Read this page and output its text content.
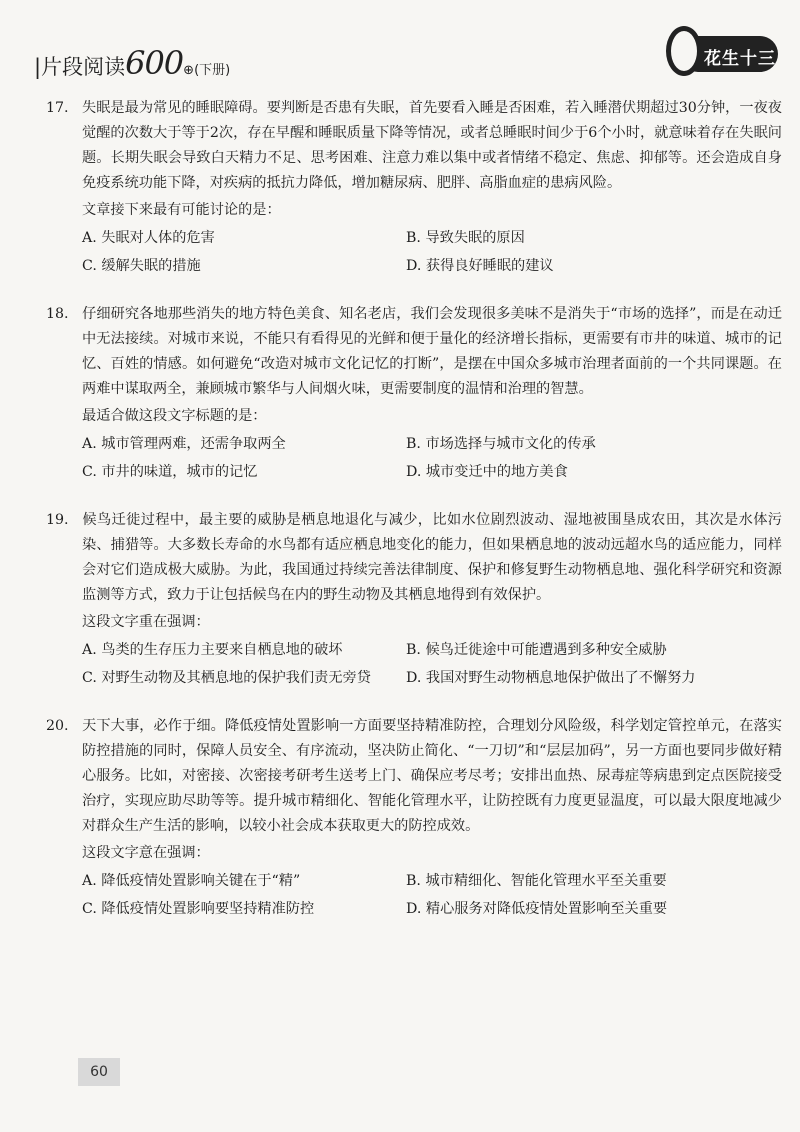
|片段阅读600⊕(下册)
花生十三

17. 失眠是最为常见的睡眠障碍。要判断是否患有失眠，首先要看入睡是否困难，若入睡潜伏期超过30分钟，一夜夜觉醒的次数大于等于2次，存在早醒和睡眠质量下降等情况，或者总睡眠时间少于6个小时，就意味着存在失眠问题。长期失眠会导致白天精力不足、思考困难、注意力难以集中或者情绪不稳定、焦虑、抑郁等。还会造成自身免疫系统功能下降，对疾病的抵抗力降低，增加糖尿病、肥胖、高脂血症的患病风险。

文章接下来最有可能讨论的是：

A. 失眠对人体的危害	B. 导致失眠的原因
C. 缓解失眠的措施	D. 获得良好睡眠的建议

18. 仔细研究各地那些消失的地方特色美食、知名老店，我们会发现很多美味不是消失于“市场的选择”，而是在动迁中无法接续。对城市来说，不能只有看得见的光鲜和便于量化的经济增长指标，更需要有市井的味道、城市的记忆、百姓的情感。如何避免“改造对城市文化记忆的打断”，是摆在中国众多城市治理者面前的一个共同课题。在两难中谋取两全，兼顾城市繁华与人间烟火味，更需要制度的温情和治理的智慧。

最适合做这段文字标题的是：

A. 城市管理两难，还需争取两全	B. 市场选择与城市文化的传承
C. 市井的味道，城市的记忆	D. 城市变迁中的地方美食

19. 候鸟迁徙过程中，最主要的威胁是栖息地退化与减少，比如水位剧烈波动、湿地被围垦成农田，其次是水体污染、捕猎等。大多数长寿命的水鸟都有适应栖息地变化的能力，但如果栖息地的波动远超水鸟的适应能力，同样会对它们造成极大威胁。为此，我国通过持续完善法律制度、保护和修复野生动物栖息地、强化科学研究和资源监测等方式，致力于让包括候鸟在内的野生动物及其栖息地得到有效保护。

这段文字重在强调：

A. 鸟类的生存压力主要来自栖息地的破坏	B. 候鸟迁徙途中可能遭遇到多种安全威胁
C. 对野生动物及其栖息地的保护我们责无旁贷	D. 我国对野生动物栖息地保护做出了不懈努力

20. 天下大事，必作于细。降低疫情处置影响一方面要坚持精准防控，合理划分风险级，科学划定管控单元，在落实防控措施的同时，保障人员安全、有序流动，坚决防止简化、“一刀切”和“层层加码”，另一方面也要同步做好精心服务。比如，对密接、次密接考研考生送考上门、确保应考尽考；安排出血热、尿毒症等病患到定点医院接受治疗，实现应助尽助等等。提升城市精细化、智能化管理水平，让防控既有力度更显温度，可以最大限度地减少对群众生产生活的影响，以较小社会成本获取更大的防控成效。

这段文字意在强调：

A. 降低疫情处置影响关键在于“精”	B. 城市精细化、智能化管理水平至关重要
C. 降低疫情处置影响要坚持精准防控	D. 精心服务对降低疫情处置影响至关重要
60
